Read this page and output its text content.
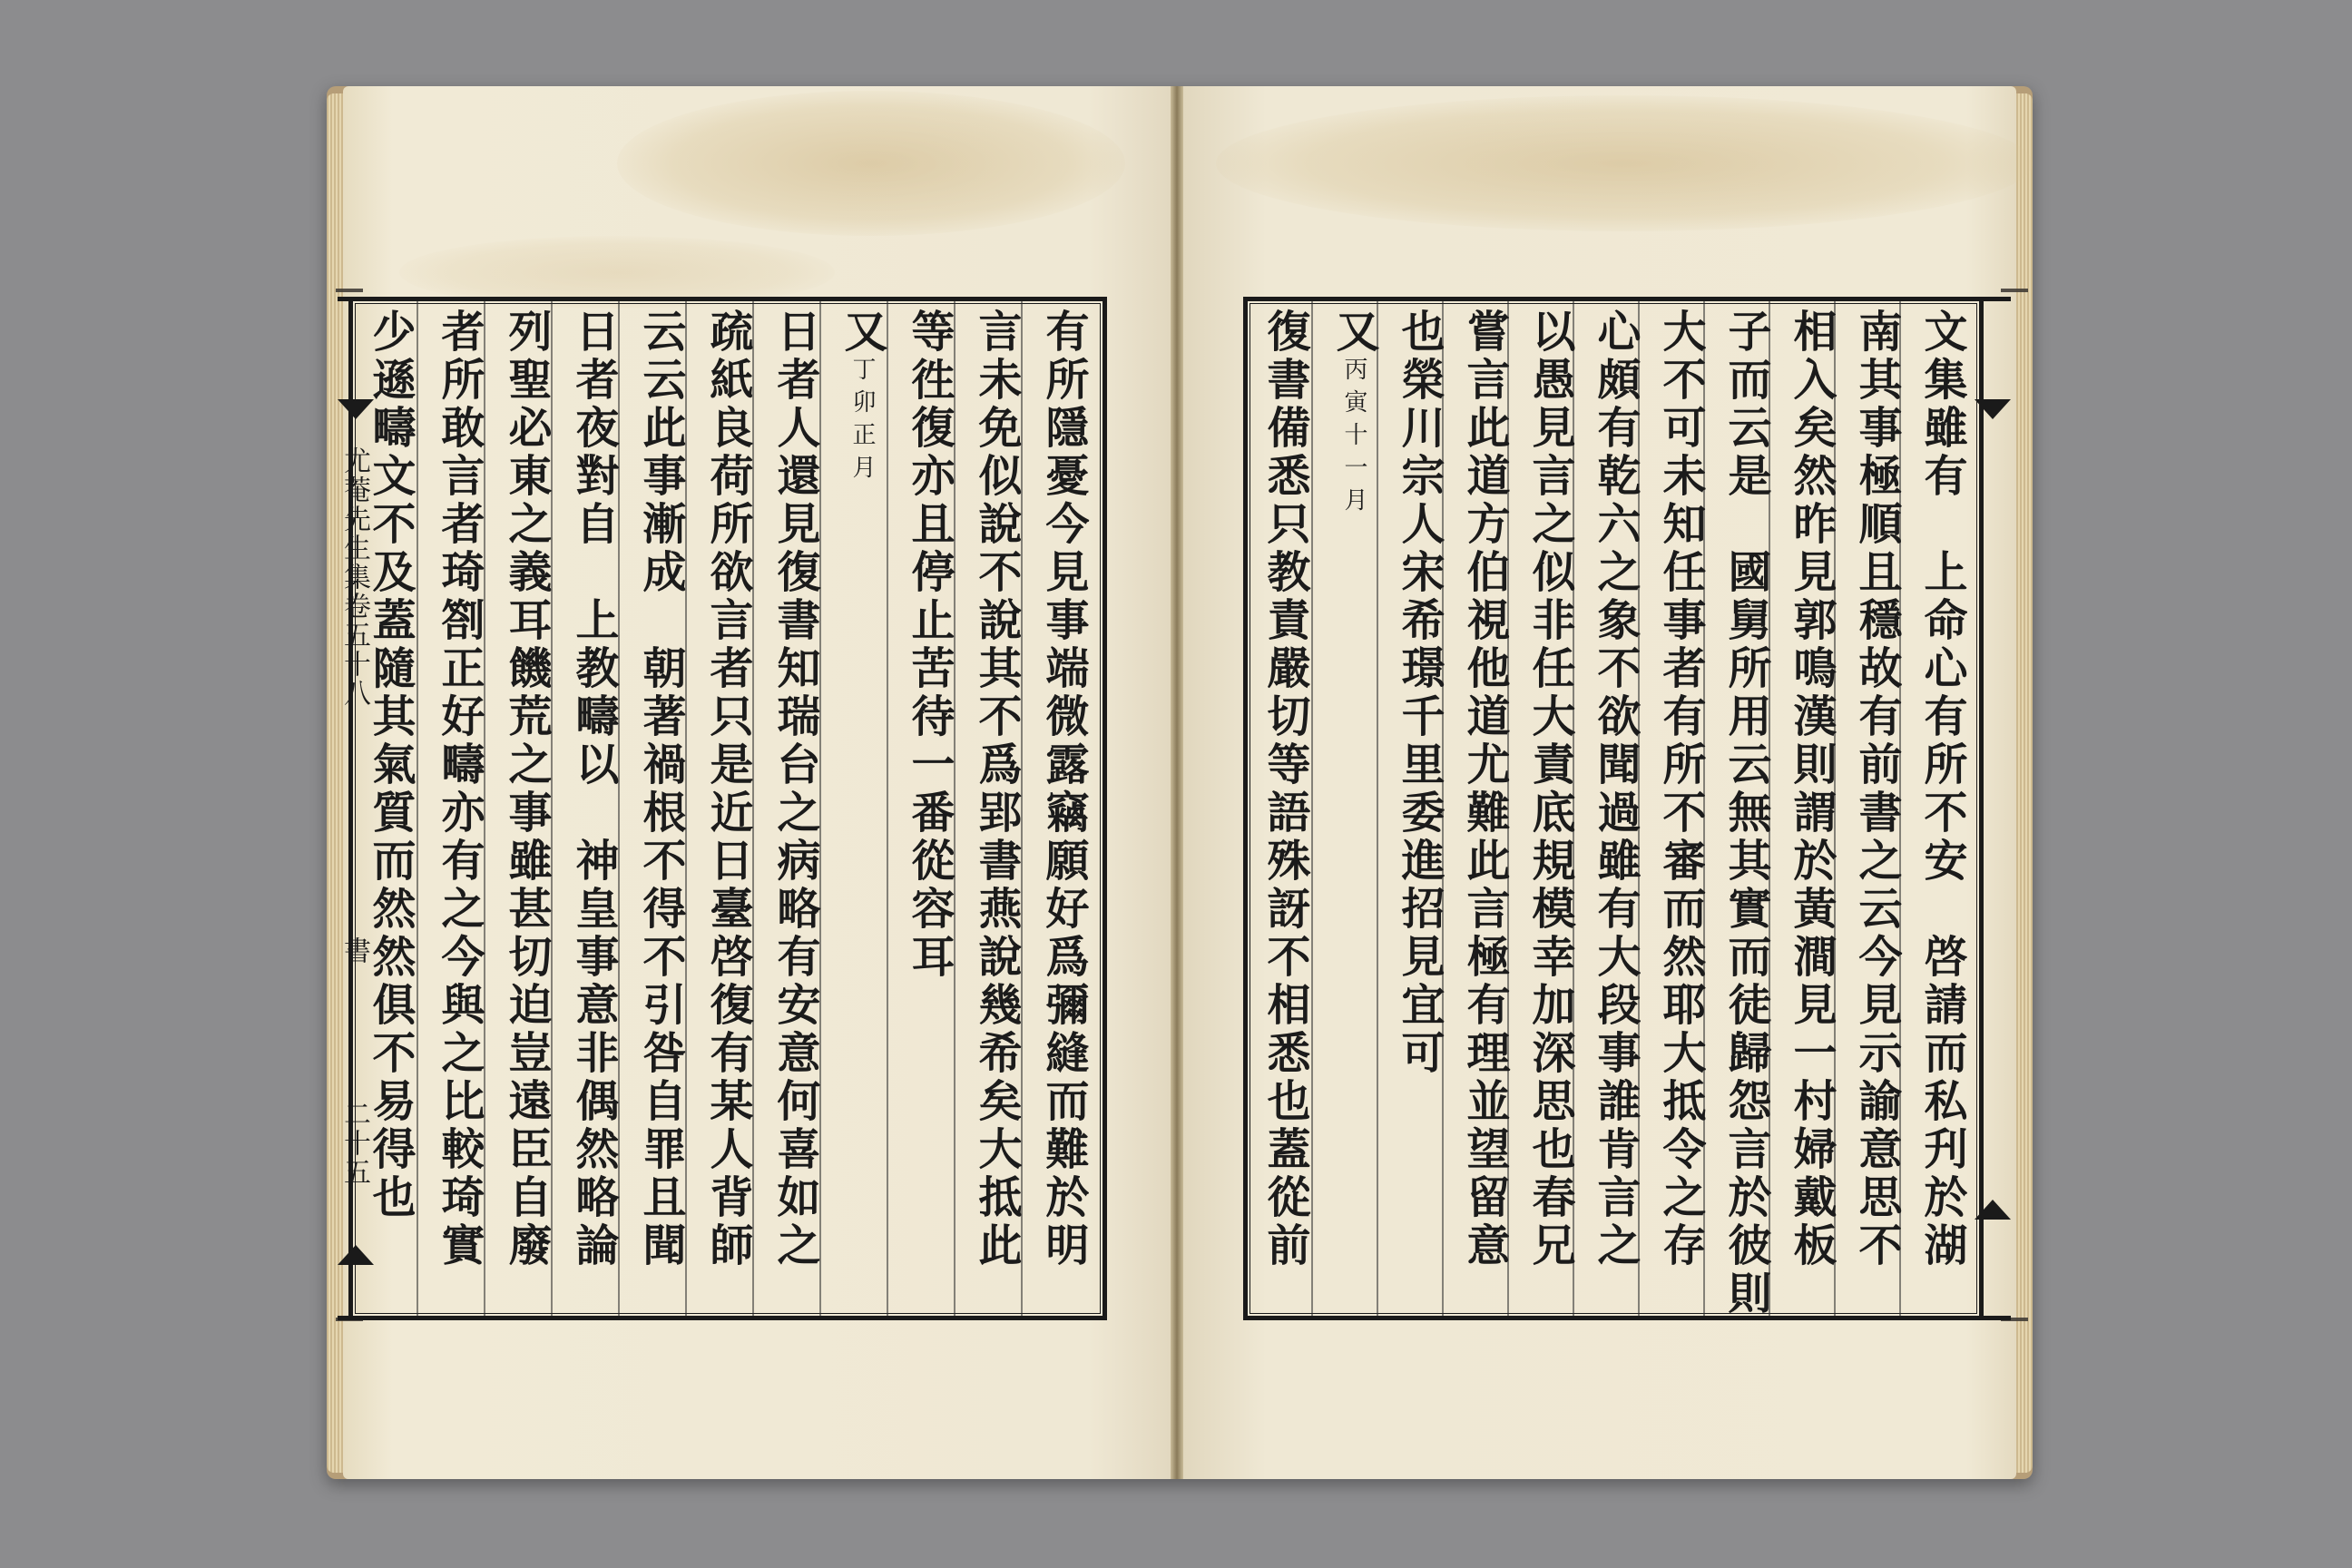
有所隱憂今見事端微露竊願好爲彌縫而難於明
言未免似說不說其不爲郢書燕說幾希矣大抵此
等徃復亦且停止苦待一番從容耳
又丁卯正月
日者人還見復書知瑞台之病略有安意何喜如之
疏紙良荷所欲言者只是近日臺啓復有某人背師
云云此事漸成　朝著禍根不得不引咎自罪且聞
日者夜對自　上教疇以　神皇事意非偶然略論
列聖必東之義耳饑荒之事雖甚切迫豈遠臣自廢
者所敢言者琦劄正好疇亦有之今與之比較琦實
少遜疇文不及蓋隨其氣質而然然俱不易得也
尤菴先生集卷五十八
書
二十五	文集雖有　上命心有所不安　啓請而私刋於湖
南其事極順且穩故有前書之云今見示諭意思不
相入矣然昨見郭鳴漢則謂於黃澗見一村婦戴板
子而云是　國舅所用云無其實而徒歸怨言於彼則
大不可未知任事者有所不審而然耶大抵令之存
心頗有乾六之象不欲聞過雖有大段事誰肯言之
以愚見言之似非任大責底規模幸加深思也春兄
嘗言此道方伯視他道尤難此言極有理並望留意
也榮川宗人宋希璟千里委進招見宜可
又丙寅十一月
復書備悉只教責嚴切等語殊訝不相悉也蓋從前
